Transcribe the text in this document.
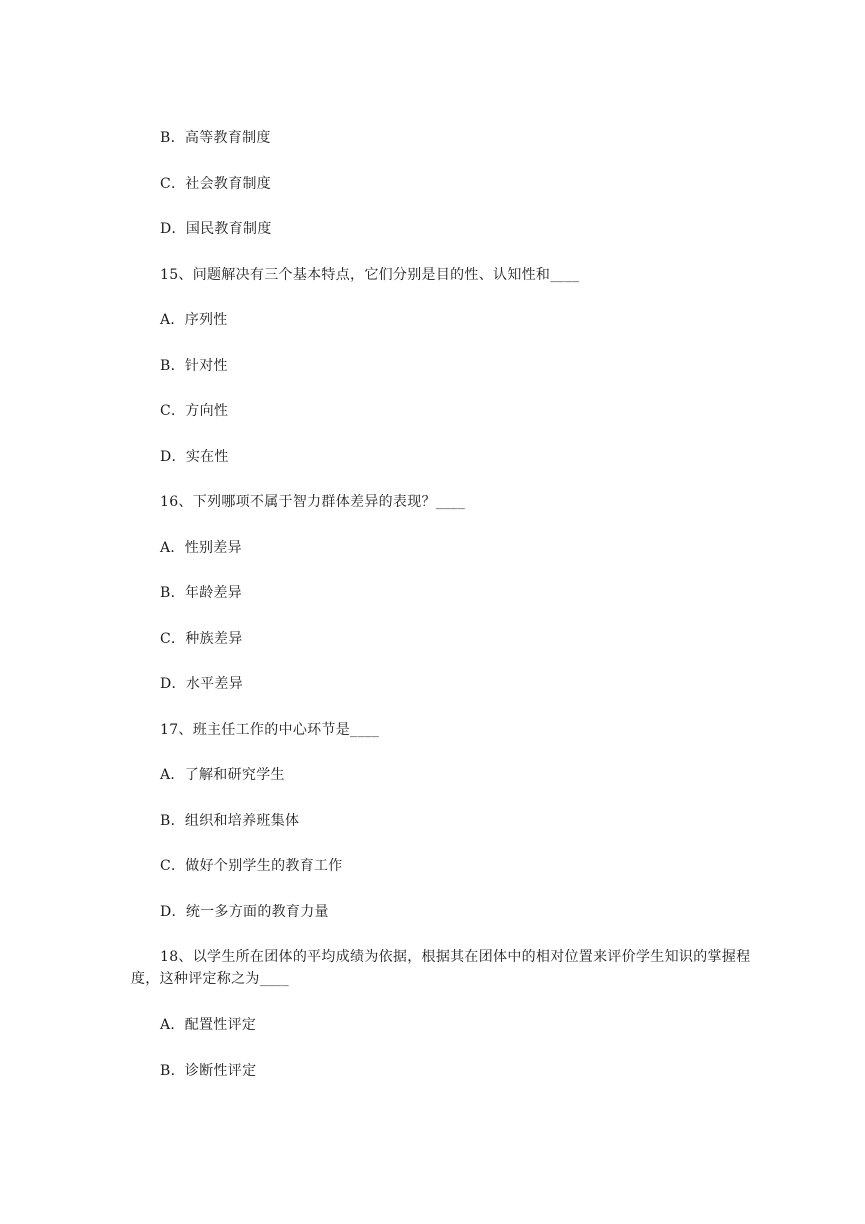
B．高等教育制度
C．社会教育制度
D．国民教育制度
15、问题解决有三个基本特点，它们分别是目的性、认知性和____
A．序列性
B．针对性
C．方向性
D．实在性
16、下列哪项不属于智力群体差异的表现？____
A．性别差异
B．年龄差异
C．种族差异
D．水平差异
17、班主任工作的中心环节是____
A．了解和研究学生
B．组织和培养班集体
C．做好个别学生的教育工作
D．统一多方面的教育力量
18、以学生所在团体的平均成绩为依据，根据其在团体中的相对位置来评价学生知识的掌握程度，这种评定称之为____
A．配置性评定
B．诊断性评定
